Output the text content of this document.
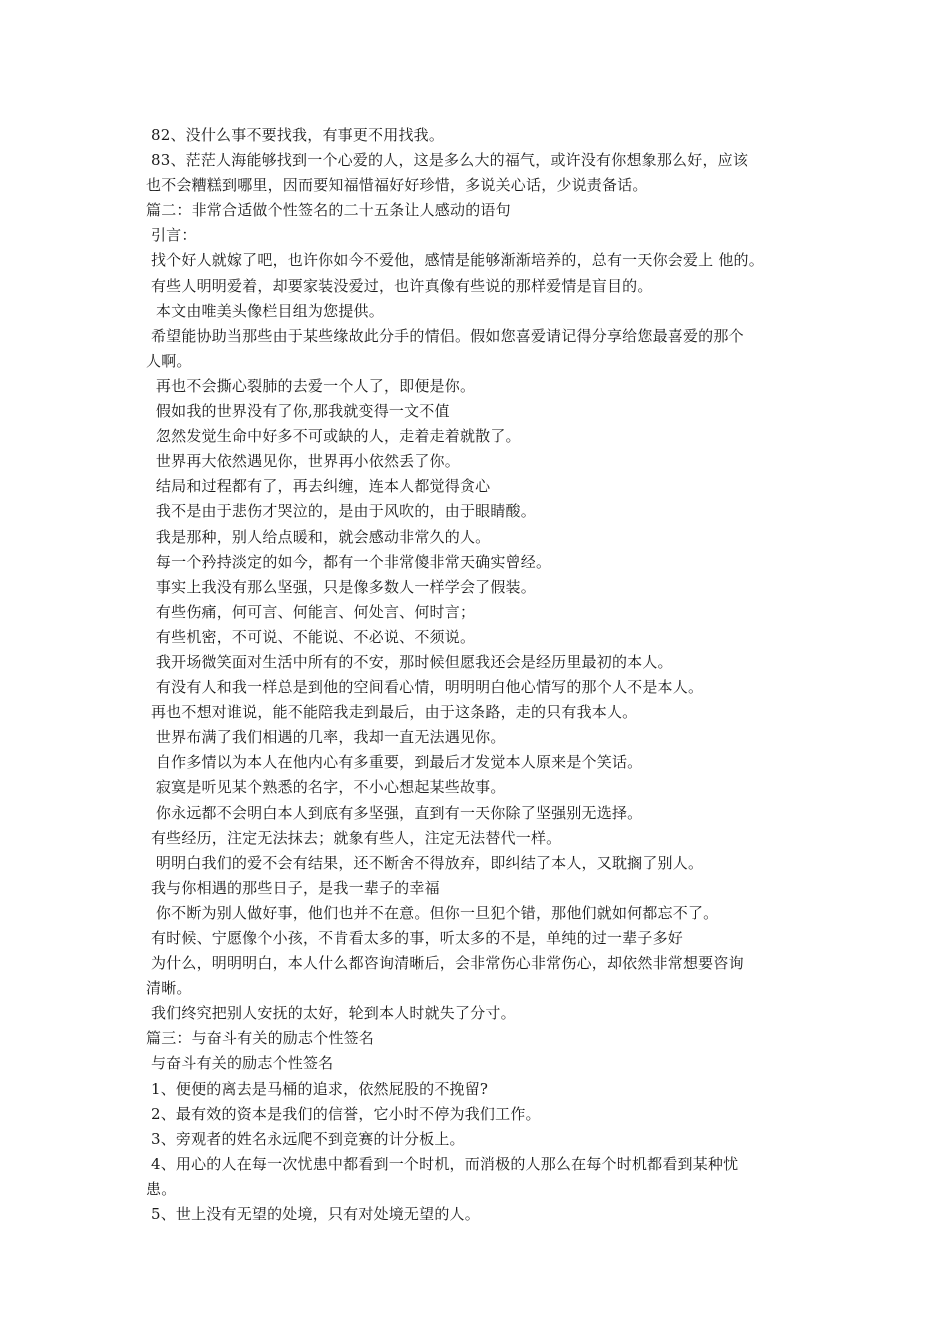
82、没什么事不要找我，有事更不用找我。
83、茫茫人海能够找到一个心爱的人，这是多么大的福气，或许没有你想象那么好，应该
也不会糟糕到哪里，因而要知福惜福好好珍惜，多说关心话，少说责备话。
篇二：非常合适做个性签名的二十五条让人感动的语句
引言：
找个好人就嫁了吧，也许你如今不爱他，感情是能够渐渐培养的，总有一天你会爱上 他的。
有些人明明爱着，却要家装没爱过，也许真像有些说的那样爱情是盲目的。
本文由唯美头像栏目组为您提供。
希望能协助当那些由于某些缘故此分手的情侣。假如您喜爱请记得分享给您最喜爱的那个
人啊。
再也不会撕心裂肺的去爱一个人了，即便是你。
假如我的世界没有了你,那我就变得一文不值
忽然发觉生命中好多不可或缺的人，走着走着就散了。
世界再大依然遇见你，世界再小依然丢了你。
结局和过程都有了，再去纠缠，连本人都觉得贪心
我不是由于悲伤才哭泣的，是由于风吹的，由于眼睛酸。
我是那种，别人给点暖和，就会感动非常久的人。
每一个矜持淡定的如今，都有一个非常傻非常天确实曾经。
事实上我没有那么坚强，只是像多数人一样学会了假装。
有些伤痛，何可言、何能言、何处言、何时言；
有些机密，不可说、不能说、不必说、不须说。
我开场微笑面对生活中所有的不安，那时候但愿我还会是经历里最初的本人。
有没有人和我一样总是到他的空间看心情，明明明白他心情写的那个人不是本人。
再也不想对谁说，能不能陪我走到最后，由于这条路，走的只有我本人。
世界布满了我们相遇的几率，我却一直无法遇见你。
自作多情以为本人在他内心有多重要，到最后才发觉本人原来是个笑话。
寂寞是听见某个熟悉的名字，不小心想起某些故事。
你永远都不会明白本人到底有多坚强，直到有一天你除了坚强别无选择。
有些经历，注定无法抹去；就象有些人，注定无法替代一样。
明明白我们的爱不会有结果，还不断舍不得放弃，即纠结了本人，又耽搁了别人。
我与你相遇的那些日子，是我一辈子的幸福
你不断为别人做好事，他们也并不在意。但你一旦犯个错，那他们就如何都忘不了。
有时候、宁愿像个小孩，不肯看太多的事，听太多的不是，单纯的过一辈子多好
为什么，明明明白，本人什么都咨询清晰后，会非常伤心非常伤心，却依然非常想要咨询
清晰。
我们终究把别人安抚的太好，轮到本人时就失了分寸。
篇三：与奋斗有关的励志个性签名
与奋斗有关的励志个性签名
1、便便的离去是马桶的追求，依然屁股的不挽留?
2、最有效的资本是我们的信誉，它小时不停为我们工作。
3、旁观者的姓名永远爬不到竞赛的计分板上。
4、用心的人在每一次忧患中都看到一个时机，而消极的人那么在每个时机都看到某种忧
患。
5、世上没有无望的处境，只有对处境无望的人。
